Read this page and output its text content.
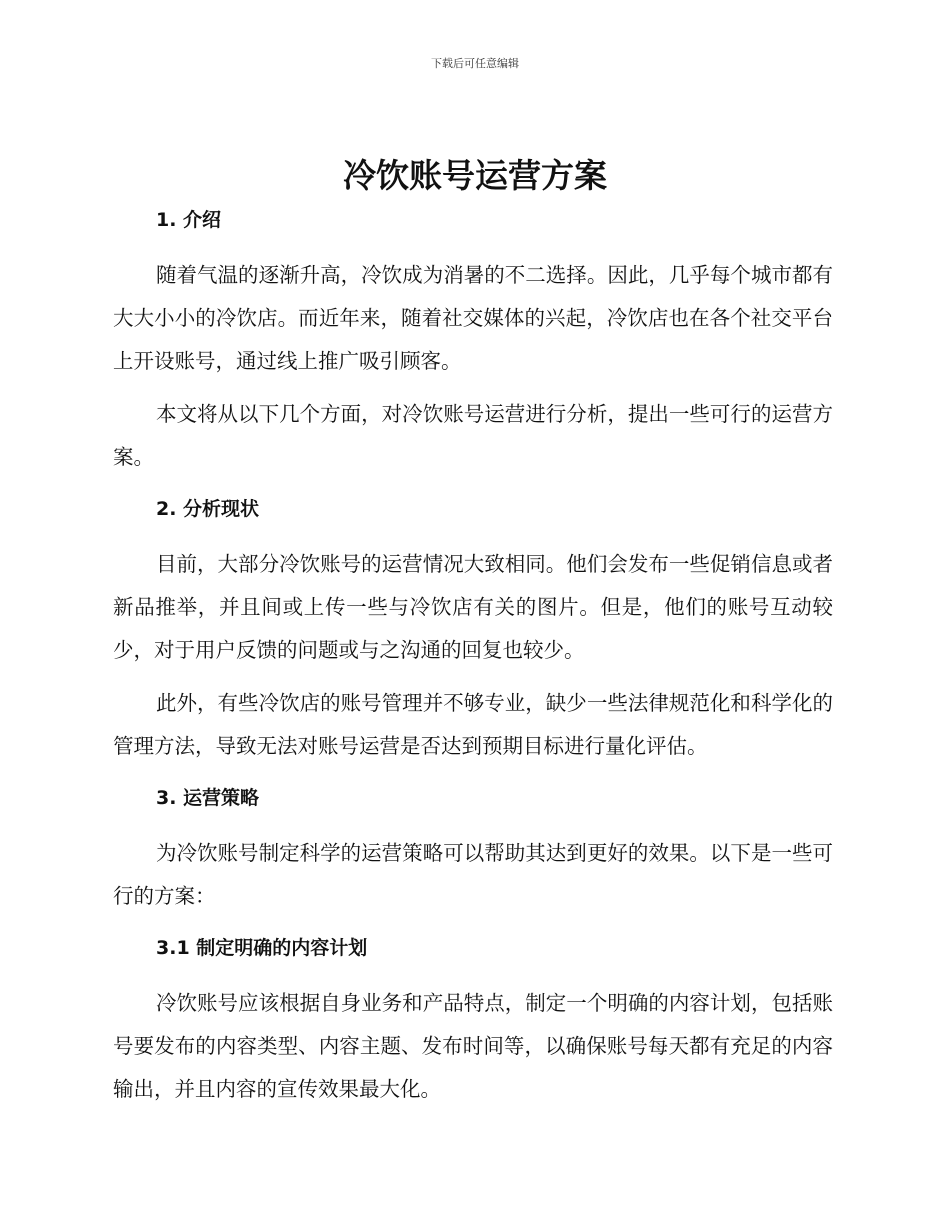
下载后可任意编辑
冷饮账号运营方案
1. 介绍

随着气温的逐渐升高，冷饮成为消暑的不二选择。因此，几乎每个城市都有大大小小的冷饮店。而近年来，随着社交媒体的兴起，冷饮店也在各个社交平台上开设账号，通过线上推广吸引顾客。

本文将从以下几个方面，对冷饮账号运营进行分析，提出一些可行的运营方案。

2. 分析现状

目前，大部分冷饮账号的运营情况大致相同。他们会发布一些促销信息或者新品推举，并且间或上传一些与冷饮店有关的图片。但是，他们的账号互动较少，对于用户反馈的问题或与之沟通的回复也较少。

此外，有些冷饮店的账号管理并不够专业，缺少一些法律规范化和科学化的管理方法，导致无法对账号运营是否达到预期目标进行量化评估。

3. 运营策略

为冷饮账号制定科学的运营策略可以帮助其达到更好的效果。以下是一些可行的方案：

3.1 制定明确的内容计划

冷饮账号应该根据自身业务和产品特点，制定一个明确的内容计划，包括账号要发布的内容类型、内容主题、发布时间等，以确保账号每天都有充足的内容输出，并且内容的宣传效果最大化。
